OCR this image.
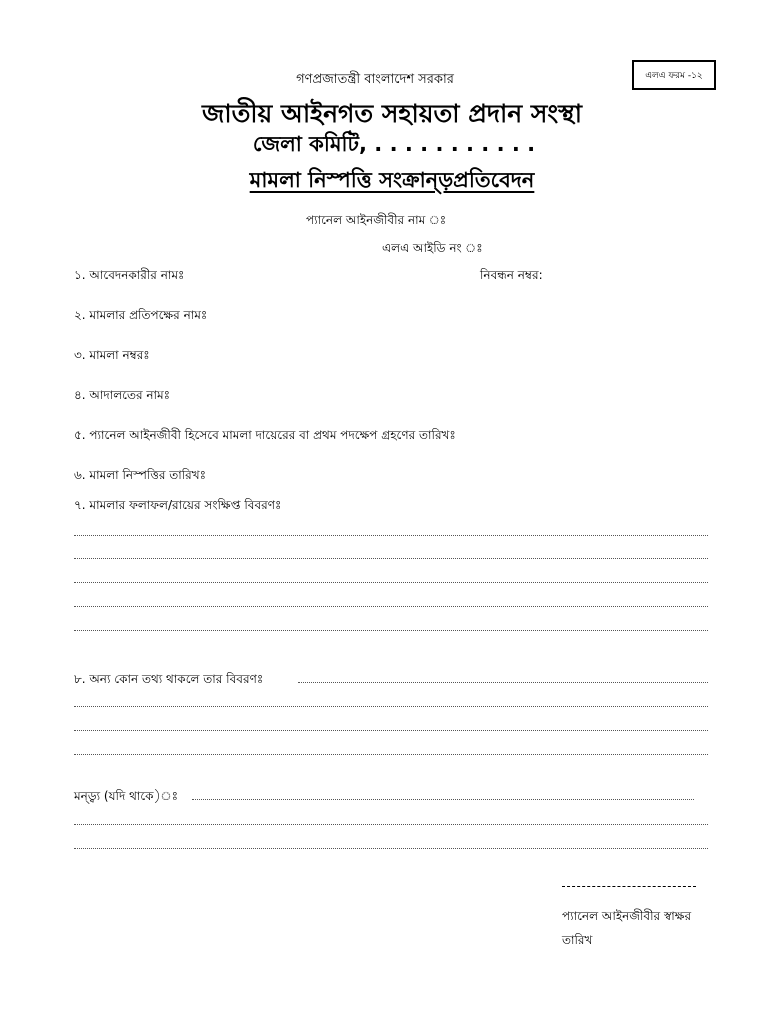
এলএ ফরম -১২
গণপ্রজাতন্ত্রী বাংলাদেশ সরকার
জাতীয় আইনগত সহায়তা প্রদান সংস্থা
জেলা কমিটি, . . . . . . . . . . .
মামলা নিস্পত্তি সংক্রান্ড়প্রতিবেদন
প্যানেল আইনজীবীর নাম ঃ
এলএ আইডি নং ঃ
১. আবেদনকারীর নামঃ	নিবন্ধন নম্বর:
২. মামলার প্রতিপক্ষের নামঃ
৩. মামলা নম্বরঃ
৪. আদালতের নামঃ
৫. প্যানেল আইনজীবী হিসেবে মামলা দায়েরের বা প্রথম পদক্ষেপ গ্রহণের তারিখঃ
৬. মামলা নিস্পত্তির তারিখঃ
৭. মামলার ফলাফল/রায়ের সংক্ষিপ্ত বিবরণঃ
৮. অন্য কোন তথ্য থাকলে তার বিবরণঃ
মন্ড্ব্য (যদি থাকে)ঃ
প্যানেল আইনজীবীর স্বাক্ষর
তারিখ
